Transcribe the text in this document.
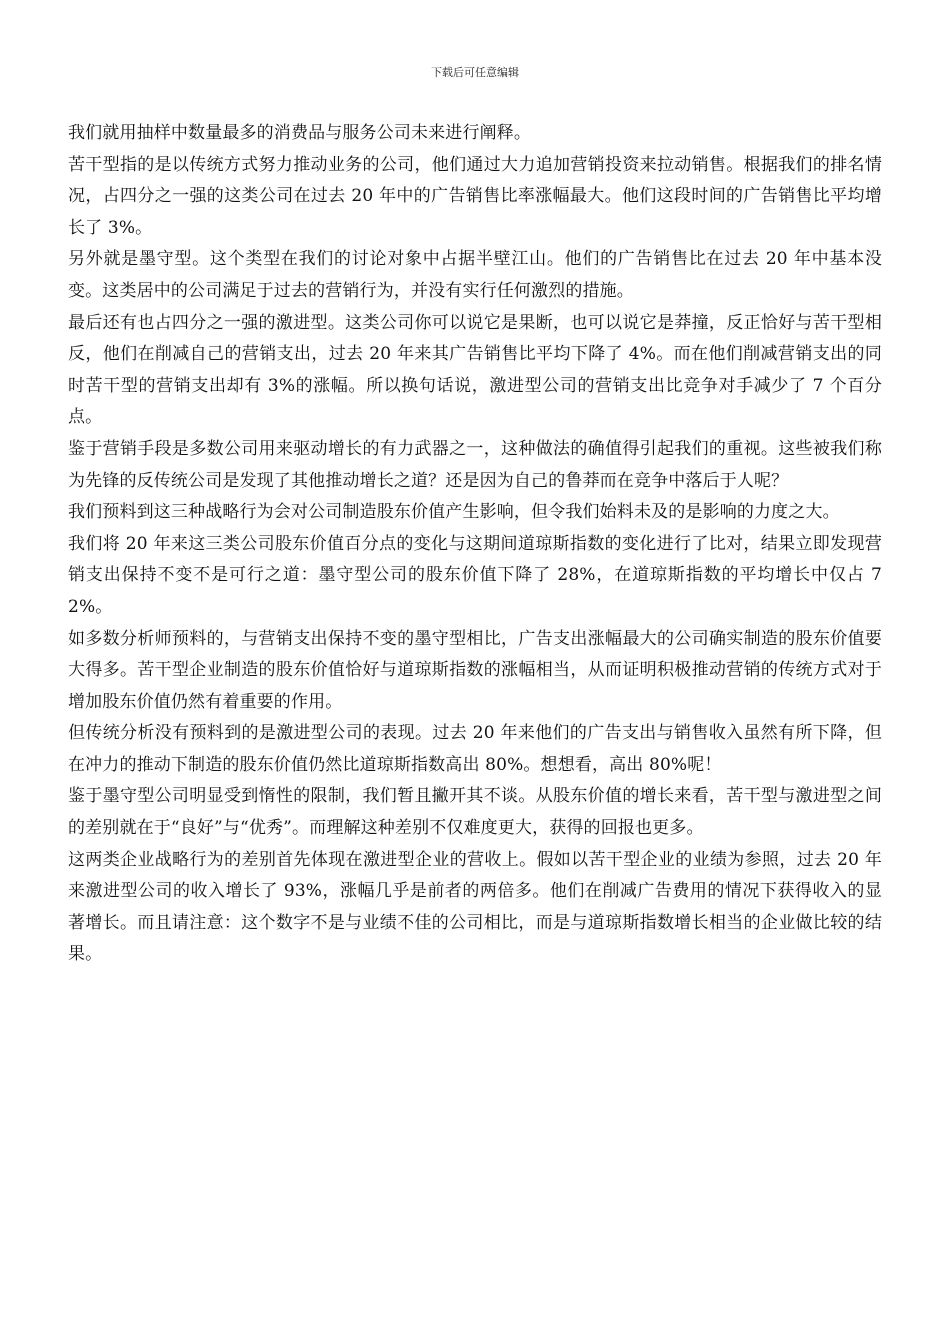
下载后可任意编辑

我们就用抽样中数量最多的消费品与服务公司未来进行阐释。

苦干型指的是以传统方式努力推动业务的公司，他们通过大力追加营销投资来拉动销售。根据我们的排名情况，占四分之一强的这类公司在过去 20 年中的广告销售比率涨幅最大。他们这段时间的广告销售比平均增长了 3%。

另外就是墨守型。这个类型在我们的讨论对象中占据半壁江山。他们的广告销售比在过去 20 年中基本没变。这类居中的公司满足于过去的营销行为，并没有实行任何激烈的措施。

最后还有也占四分之一强的激进型。这类公司你可以说它是果断，也可以说它是莽撞，反正恰好与苦干型相反，他们在削减自己的营销支出，过去 20 年来其广告销售比平均下降了 4%。而在他们削减营销支出的同时苦干型的营销支出却有 3%的涨幅。所以换句话说，激进型公司的营销支出比竞争对手减少了 7 个百分点。

鉴于营销手段是多数公司用来驱动增长的有力武器之一，这种做法的确值得引起我们的重视。这些被我们称为先锋的反传统公司是发现了其他推动增长之道？还是因为自己的鲁莽而在竞争中落后于人呢？

我们预料到这三种战略行为会对公司制造股东价值产生影响，但令我们始料未及的是影响的力度之大。

我们将 20 年来这三类公司股东价值百分点的变化与这期间道琼斯指数的变化进行了比对，结果立即发现营销支出保持不变不是可行之道：墨守型公司的股东价值下降了 28%，在道琼斯指数的平均增长中仅占 72%。

如多数分析师预料的，与营销支出保持不变的墨守型相比，广告支出涨幅最大的公司确实制造的股东价值要大得多。苦干型企业制造的股东价值恰好与道琼斯指数的涨幅相当，从而证明积极推动营销的传统方式对于增加股东价值仍然有着重要的作用。

但传统分析没有预料到的是激进型公司的表现。过去 20 年来他们的广告支出与销售收入虽然有所下降，但在冲力的推动下制造的股东价值仍然比道琼斯指数高出 80%。想想看，高出 80%呢！

鉴于墨守型公司明显受到惰性的限制，我们暂且撇开其不谈。从股东价值的增长来看，苦干型与激进型之间的差别就在于“良好”与“优秀”。而理解这种差别不仅难度更大，获得的回报也更多。

这两类企业战略行为的差别首先体现在激进型企业的营收上。假如以苦干型企业的业绩为参照，过去 20 年来激进型公司的收入增长了 93%，涨幅几乎是前者的两倍多。他们在削减广告费用的情况下获得收入的显著增长。而且请注意：这个数字不是与业绩不佳的公司相比，而是与道琼斯指数增长相当的企业做比较的结果。
